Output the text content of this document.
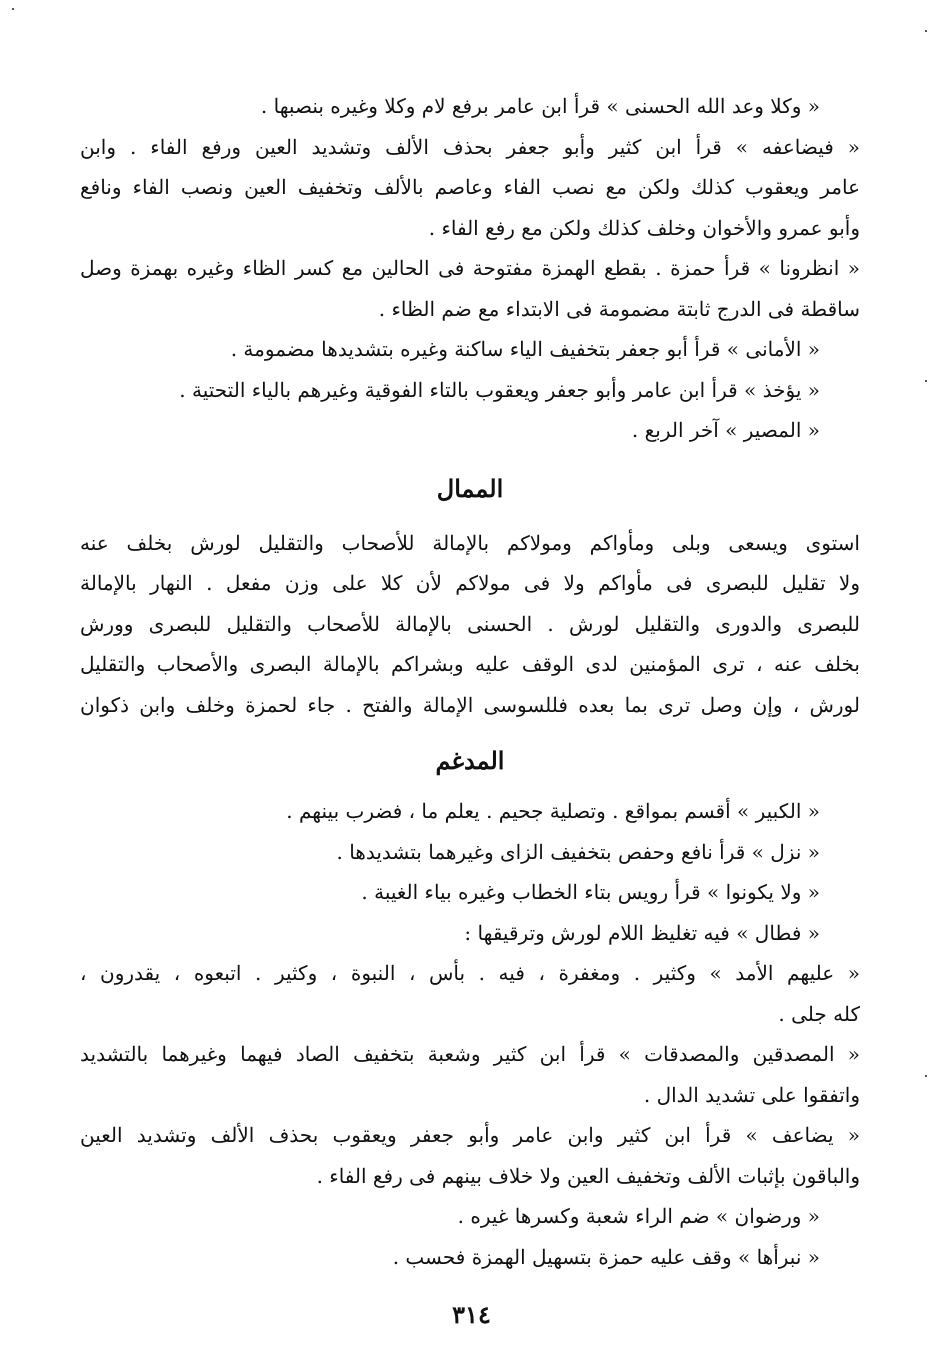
« وكلا وعد الله الحسنى » قرأ ابن عامر برفع لام وكلا وغيره بنصبها .
« فيضاعفه » قرأ ابن كثير وأبو جعفر بحذف الألف وتشديد العين ورفع الفاء . وابن
عامر ويعقوب كذلك ولكن مع نصب الفاء وعاصم بالألف وتخفيف العين ونصب الفاء ونافع
وأبو عمرو والأخوان وخلف كذلك ولكن مع رفع الفاء .
« انظرونا » قرأ حمزة . بقطع الهمزة مفتوحة فى الحالين مع كسر الظاء وغيره بهمزة وصل
ساقطة فى الدرج ثابتة مضمومة فى الابتداء مع ضم الظاء .
« الأمانى » قرأ أبو جعفر بتخفيف الياء ساكنة وغيره بتشديدها مضمومة .
« يؤخذ » قرأ ابن عامر وأبو جعفر ويعقوب بالتاء الفوقية وغيرهم بالياء التحتية .
« المصير » آخر الربع .
الممال
استوى ويسعى وبلى ومأواكم ومولاكم بالإمالة للأصحاب والتقليل لورش بخلف عنه
ولا تقليل للبصرى فى مأواكم ولا فى مولاكم لأن كلا على وزن مفعل . النهار بالإمالة
للبصرى والدورى والتقليل لورش . الحسنى بالإمالة للأصحاب والتقليل للبصرى وورش
بخلف عنه ، ترى المؤمنين لدى الوقف عليه وبشراكم بالإمالة البصرى والأصحاب والتقليل
لورش ، وإن وصل ترى بما بعده فللسوسى الإمالة والفتح . جاء لحمزة وخلف وابن ذكوان
المدغم
« الكبير » أقسم بمواقع . وتصلية جحيم . يعلم ما ، فضرب بينهم .
« نزل » قرأ نافع وحفص بتخفيف الزاى وغيرهما بتشديدها .
« ولا يكونوا » قرأ رويس بتاء الخطاب وغيره بياء الغيبة .
« فطال » فيه تغليظ اللام لورش وترقيقها :
« عليهم الأمد » وكثير . ومغفرة ، فيه . بأس ، النبوة ، وكثير . اتبعوه ، يقدرون ،
كله جلى .
« المصدقين والمصدقات » قرأ ابن كثير وشعبة بتخفيف الصاد فيهما وغيرهما بالتشديد
واتفقوا على تشديد الدال .
« يضاعف » قرأ ابن كثير وابن عامر وأبو جعفر ويعقوب بحذف الألف وتشديد العين
والباقون بإثبات الألف وتخفيف العين ولا خلاف بينهم فى رفع الفاء .
« ورضوان » ضم الراء شعبة وكسرها غيره .
« نبرأها » وقف عليه حمزة بتسهيل الهمزة فحسب .
٣١٤
